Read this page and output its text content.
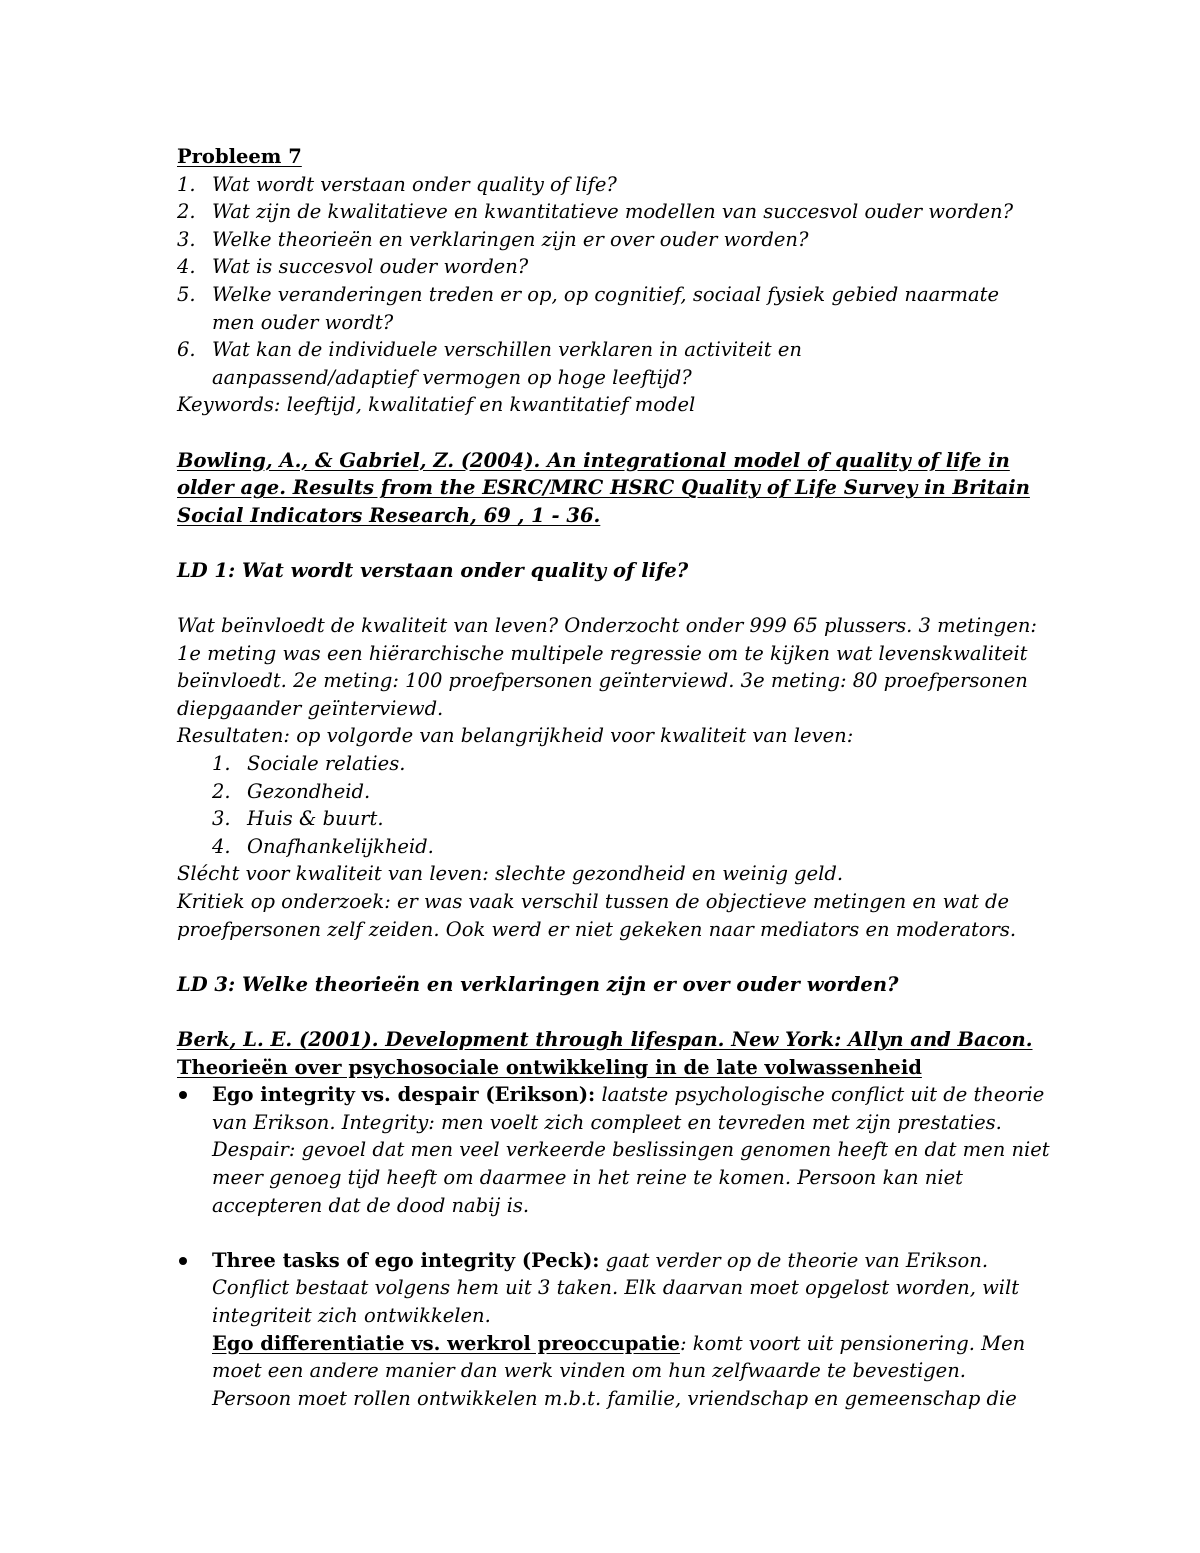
Probleem 7
1. Wat wordt verstaan onder quality of life?
2. Wat zijn de kwalitatieve en kwantitatieve modellen van succesvol ouder worden?
3. Welke theorieën en verklaringen zijn er over ouder worden?
4. Wat is succesvol ouder worden?
5. Welke veranderingen treden er op, op cognitief, sociaal fysiek gebied naarmate men ouder wordt?
6. Wat kan de individuele verschillen verklaren in activiteit en aanpassend/adaptief vermogen op hoge leeftijd?
Keywords: leeftijd, kwalitatief en kwantitatief model
Bowling, A., & Gabriel, Z. (2004). An integrational model of quality of life in older age. Results from the ESRC/MRC HSRC Quality of Life Survey in Britain Social Indicators Research, 69 , 1 - 36.
LD 1: Wat wordt verstaan onder quality of life?
Wat beïnvloedt de kwaliteit van leven? Onderzocht onder 999 65 plussers. 3 metingen: 1e meting was een hiërarchische multipele regressie om te kijken wat levenskwaliteit beïnvloedt. 2e meting: 100 proefpersonen geïnterviewd. 3e meting: 80 proefpersonen diepgaander geïnterviewd.
Resultaten: op volgorde van belangrijkheid voor kwaliteit van leven:
1. Sociale relaties.
2. Gezondheid.
3. Huis & buurt.
4. Onafhankelijkheid.
Slécht voor kwaliteit van leven: slechte gezondheid en weinig geld.
Kritiek op onderzoek: er was vaak verschil tussen de objectieve metingen en wat de proefpersonen zelf zeiden. Ook werd er niet gekeken naar mediators en moderators.
LD 3: Welke theorieën en verklaringen zijn er over ouder worden?
Berk, L. E. (2001). Development through lifespan. New York: Allyn and Bacon.
Theorieën over psychosociale ontwikkeling in de late volwassenheid
Ego integrity vs. despair (Erikson): laatste psychologische conflict uit de theorie van Erikson. Integrity: men voelt zich compleet en tevreden met zijn prestaties. Despair: gevoel dat men veel verkeerde beslissingen genomen heeft en dat men niet meer genoeg tijd heeft om daarmee in het reine te komen. Persoon kan niet accepteren dat de dood nabij is.
Three tasks of ego integrity (Peck): gaat verder op de theorie van Erikson. Conflict bestaat volgens hem uit 3 taken. Elk daarvan moet opgelost worden, wilt integriteit zich ontwikkelen.
Ego differentiatie vs. werkrol preoccupatie: komt voort uit pensionering. Men moet een andere manier dan werk vinden om hun zelfwaarde te bevestigen. Persoon moet rollen ontwikkelen m.b.t. familie, vriendschap en gemeenschap die
